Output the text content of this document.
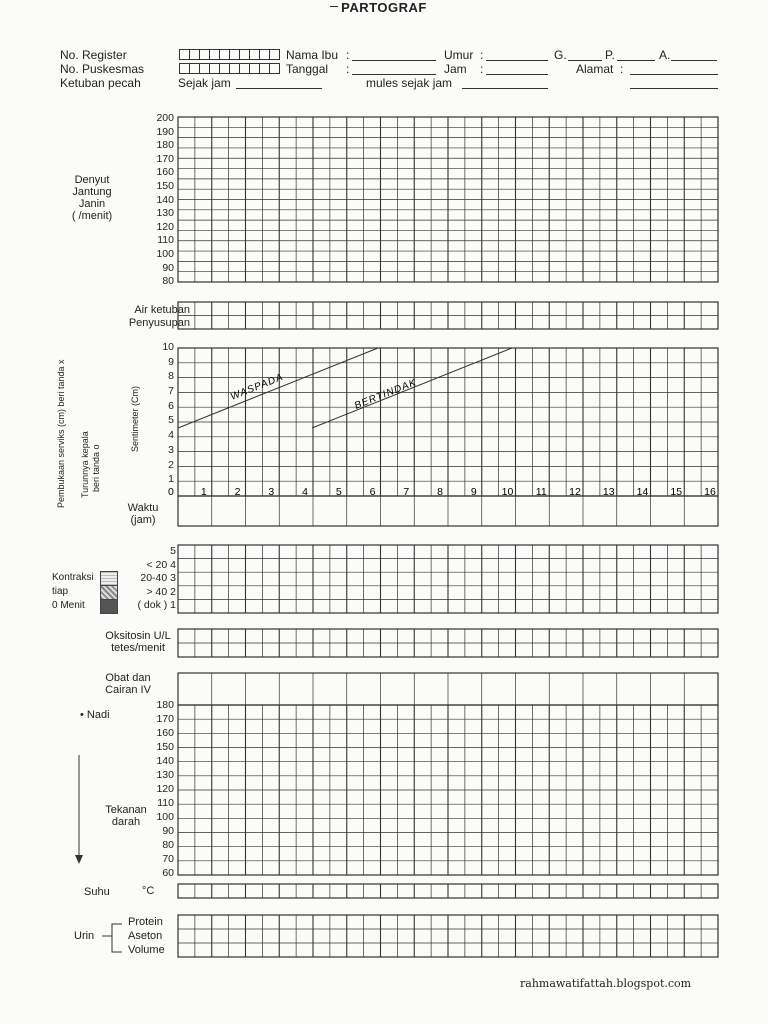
PARTOGRAF
No. Register
No. Puskesmas
Ketuban pecah	Sejak jam
Nama Ibu :
Tanggal :
mules sejak jam
Umur :
Jam :
G.	P.	A.
Alamat :
Denyut
Jantung
Janin
( /menit)
200
190
180
170
160
150
140
130
120
110
100
90
80
Air ketuban
Penyusupan
Pembukaan serviks (cm) beri tanda x Turunnya kepala beri tanda o
Sentimeter (Cm)
10
9
8
7
6
5
4
3
2
1
Waktu
(jam)
5
< 20 4
20-40 3
> 40 2
( dok ) 1
Kontraksi
tiap
0 Menit
Oksitosin U/L
tetes/menit
Obat dan
Cairan IV
• Nadi
180
170
160
150
140
130
120
110
100
90
80
70
60
Tekanan
darah
Suhu	°C
Urin
Protein
Aseton
Volume
WASPADA	BERTINDAK
1	2	3	4	5	6	7	8	9 10 11 12 13 14 15 16
0
rahmawatifattah.blogspot.com
